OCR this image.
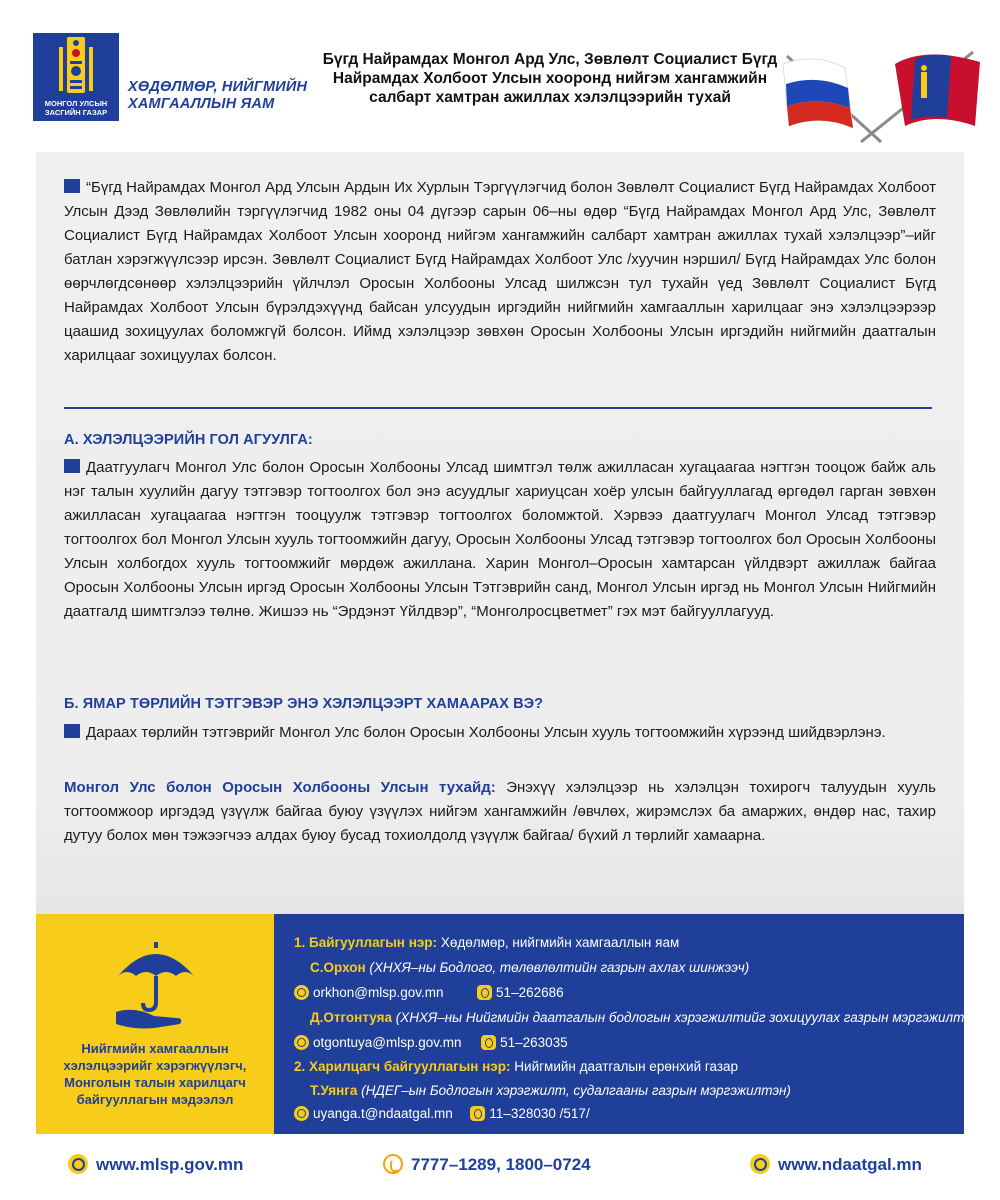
МОНГОЛ УЛСЫН ЗАСГИЙН ГАЗАР
ХӨДӨЛМӨР, НИЙГМИЙН
ХАМГААЛЛЫН ЯАМ
Бүгд Найрамдах Монгол Ард Улс, Зөвлөлт Социалист Бүгд
Найрамдах Холбоот Улсын хооронд нийгэм хангамжийн
салбарт хамтран ажиллах хэлэлцээрийн тухай
“Бүгд Найрамдах Монгол Ард Улсын Ардын Их Хурлын Тэргүүлэгчид болон Зөвлөлт Социалист Бүгд Найрамдах Холбоот Улсын Дээд Зөвлөлийн тэргүүлэгчид 1982 оны 04 дүгээр сарын 06–ны өдөр “Бүгд Найрамдах Монгол Ард Улс, Зөвлөлт Социалист Бүгд Найрамдах Холбоот Улсын хооронд нийгэм хангамжийн салбарт хамтран ажиллах тухай хэлэлцээр”–ийг батлан хэрэгжүүлсээр ирсэн. Зөвлөлт Социалист Бүгд Найрамдах Холбоот Улс /хуучин нэршил/ Бүгд Найрамдах Улс болон өөрчлөгдсөнөөр хэлэлцээрийн үйлчлэл Оросын Холбооны Улсад шилжсэн тул тухайн үед Зөвлөлт Социалист Бүгд Найрамдах Холбоот Улсын бүрэлдэхүүнд байсан улсуудын иргэдийн нийгмийн хамгааллын харилцааг энэ хэлэлцээрээр цаашид зохицуулах боломжгүй болсон. Иймд хэлэлцээр зөвхөн Оросын Холбооны Улсын иргэдийн нийгмийн даатгалын харилцааг зохицуулах болсон.
А. ХЭЛЭЛЦЭЭРИЙН ГОЛ АГУУЛГА:
Даатгуулагч Монгол Улс болон Оросын Холбооны Улсад шимтгэл төлж ажилласан хугацаагаа нэгтгэн тооцож байж аль нэг талын хуулийн дагуу тэтгэвэр тогтоолгох бол энэ асуудлыг хариуцсан хоёр улсын байгууллагад өргөдөл гарган зөвхөн ажилласан хугацаагаа нэгтгэн тооцуулж тэтгэвэр тогтоолгох боломжтой. Хэрвээ даатгуулагч Монгол Улсад тэтгэвэр тогтоолгох бол Монгол Улсын хууль тогтоомжийн дагуу, Оросын Холбооны Улсад тэтгэвэр тогтоолгох бол Оросын Холбооны Улсын холбогдох хууль тогтоомжийг мөрдөж ажиллана. Харин Монгол–Оросын хамтарсан үйлдвэрт ажиллаж байгаа Оросын Холбооны Улсын иргэд Оросын Холбооны Улсын Тэтгэврийн санд, Монгол Улсын иргэд нь Монгол Улсын Нийгмийн даатгалд шимтгэлээ төлнө. Жишээ нь “Эрдэнэт Үйлдвэр”, “Монголросцветмет” гэх мэт байгууллагууд.
Б. ЯМАР ТӨРЛИЙН ТЭТГЭВЭР ЭНЭ ХЭЛЭЛЦЭЭРТ ХАМААРАХ ВЭ?
Дараах төрлийн тэтгэврийг Монгол Улс болон Оросын Холбооны Улсын хууль тогтоомжийн хүрээнд шийдвэрлэнэ.
Монгол Улс болон Оросын Холбооны Улсын тухайд: Энэхүү хэлэлцээр нь хэлэлцэн тохирогч талуудын хууль тогтоомжоор иргэдэд үзүүлж байгаа буюу үзүүлэх нийгэм хангамжийн /өвчлөх, жирэмслэх ба амаржих, өндөр нас, тахир дутуу болох мөн тэжээгчээ алдах буюу бусад тохиолдолд үзүүлж байгаа/ бүхий л төрлийг хамаарна.
Нийгмийн хамгааллын
хэлэлцээрийг хэрэгжүүлэгч,
Монголын талын харилцагч
байгууллагын мэдээлэл
1. Байгууллагын нэр: Хөдөлмөр, нийгмийн хамгааллын яам
С.Орхон (ХНХЯ–ны Бодлого, төлөвлөлтийн газрын ахлах шинжээч)
orkhon@mlsp.gov.mn	51–262686
Д.Отгонтуяа (ХНХЯ–ны Нийгмийн даатгалын бодлогын хэрэгжилтийг зохицуулах газрын мэргэжилтэн)
otgontuya@mlsp.gov.mn	51–263035
2. Харилцагч байгууллагын нэр: Нийгмийн даатгалын ерөнхий газар
Т.Уянга (НДЕГ–ын Бодлогын хэрэгжилт, судалгааны газрын мэргэжилтэн)
uyanga.t@ndaatgal.mn	11–328030 /517/
www.mlsp.gov.mn	7777–1289, 1800–0724	www.ndaatgal.mn
